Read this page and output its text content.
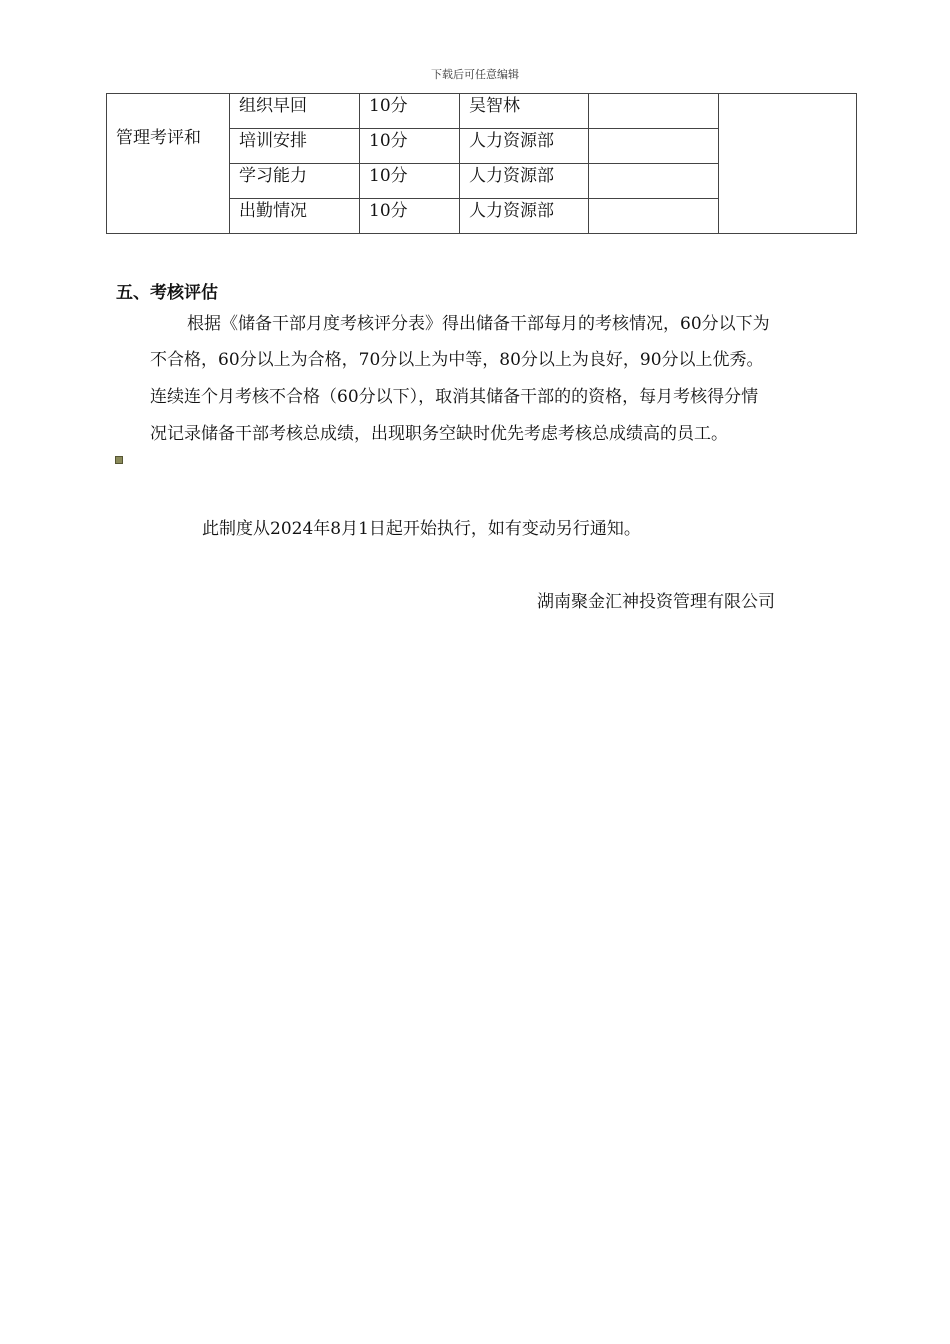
下载后可任意编辑
管理考评和	组织早回	10分	吴智林		
	培训安排	10分	人力资源部		
	学习能力	10分	人力资源部		
	出勤情况	10分	人力资源部		
五、考核评估
根据《储备干部月度考核评分表》得出储备干部每月的考核情况，60分以下为
不合格，60分以上为合格，70分以上为中等，80分以上为良好，90分以上优秀。
连续连个月考核不合格（60分以下），取消其储备干部的的资格，每月考核得分情
况记录储备干部考核总成绩，出现职务空缺时优先考虑考核总成绩高的员工。
此制度从2024年8月1日起开始执行，如有变动另行通知。
湖南聚金汇神投资管理有限公司
